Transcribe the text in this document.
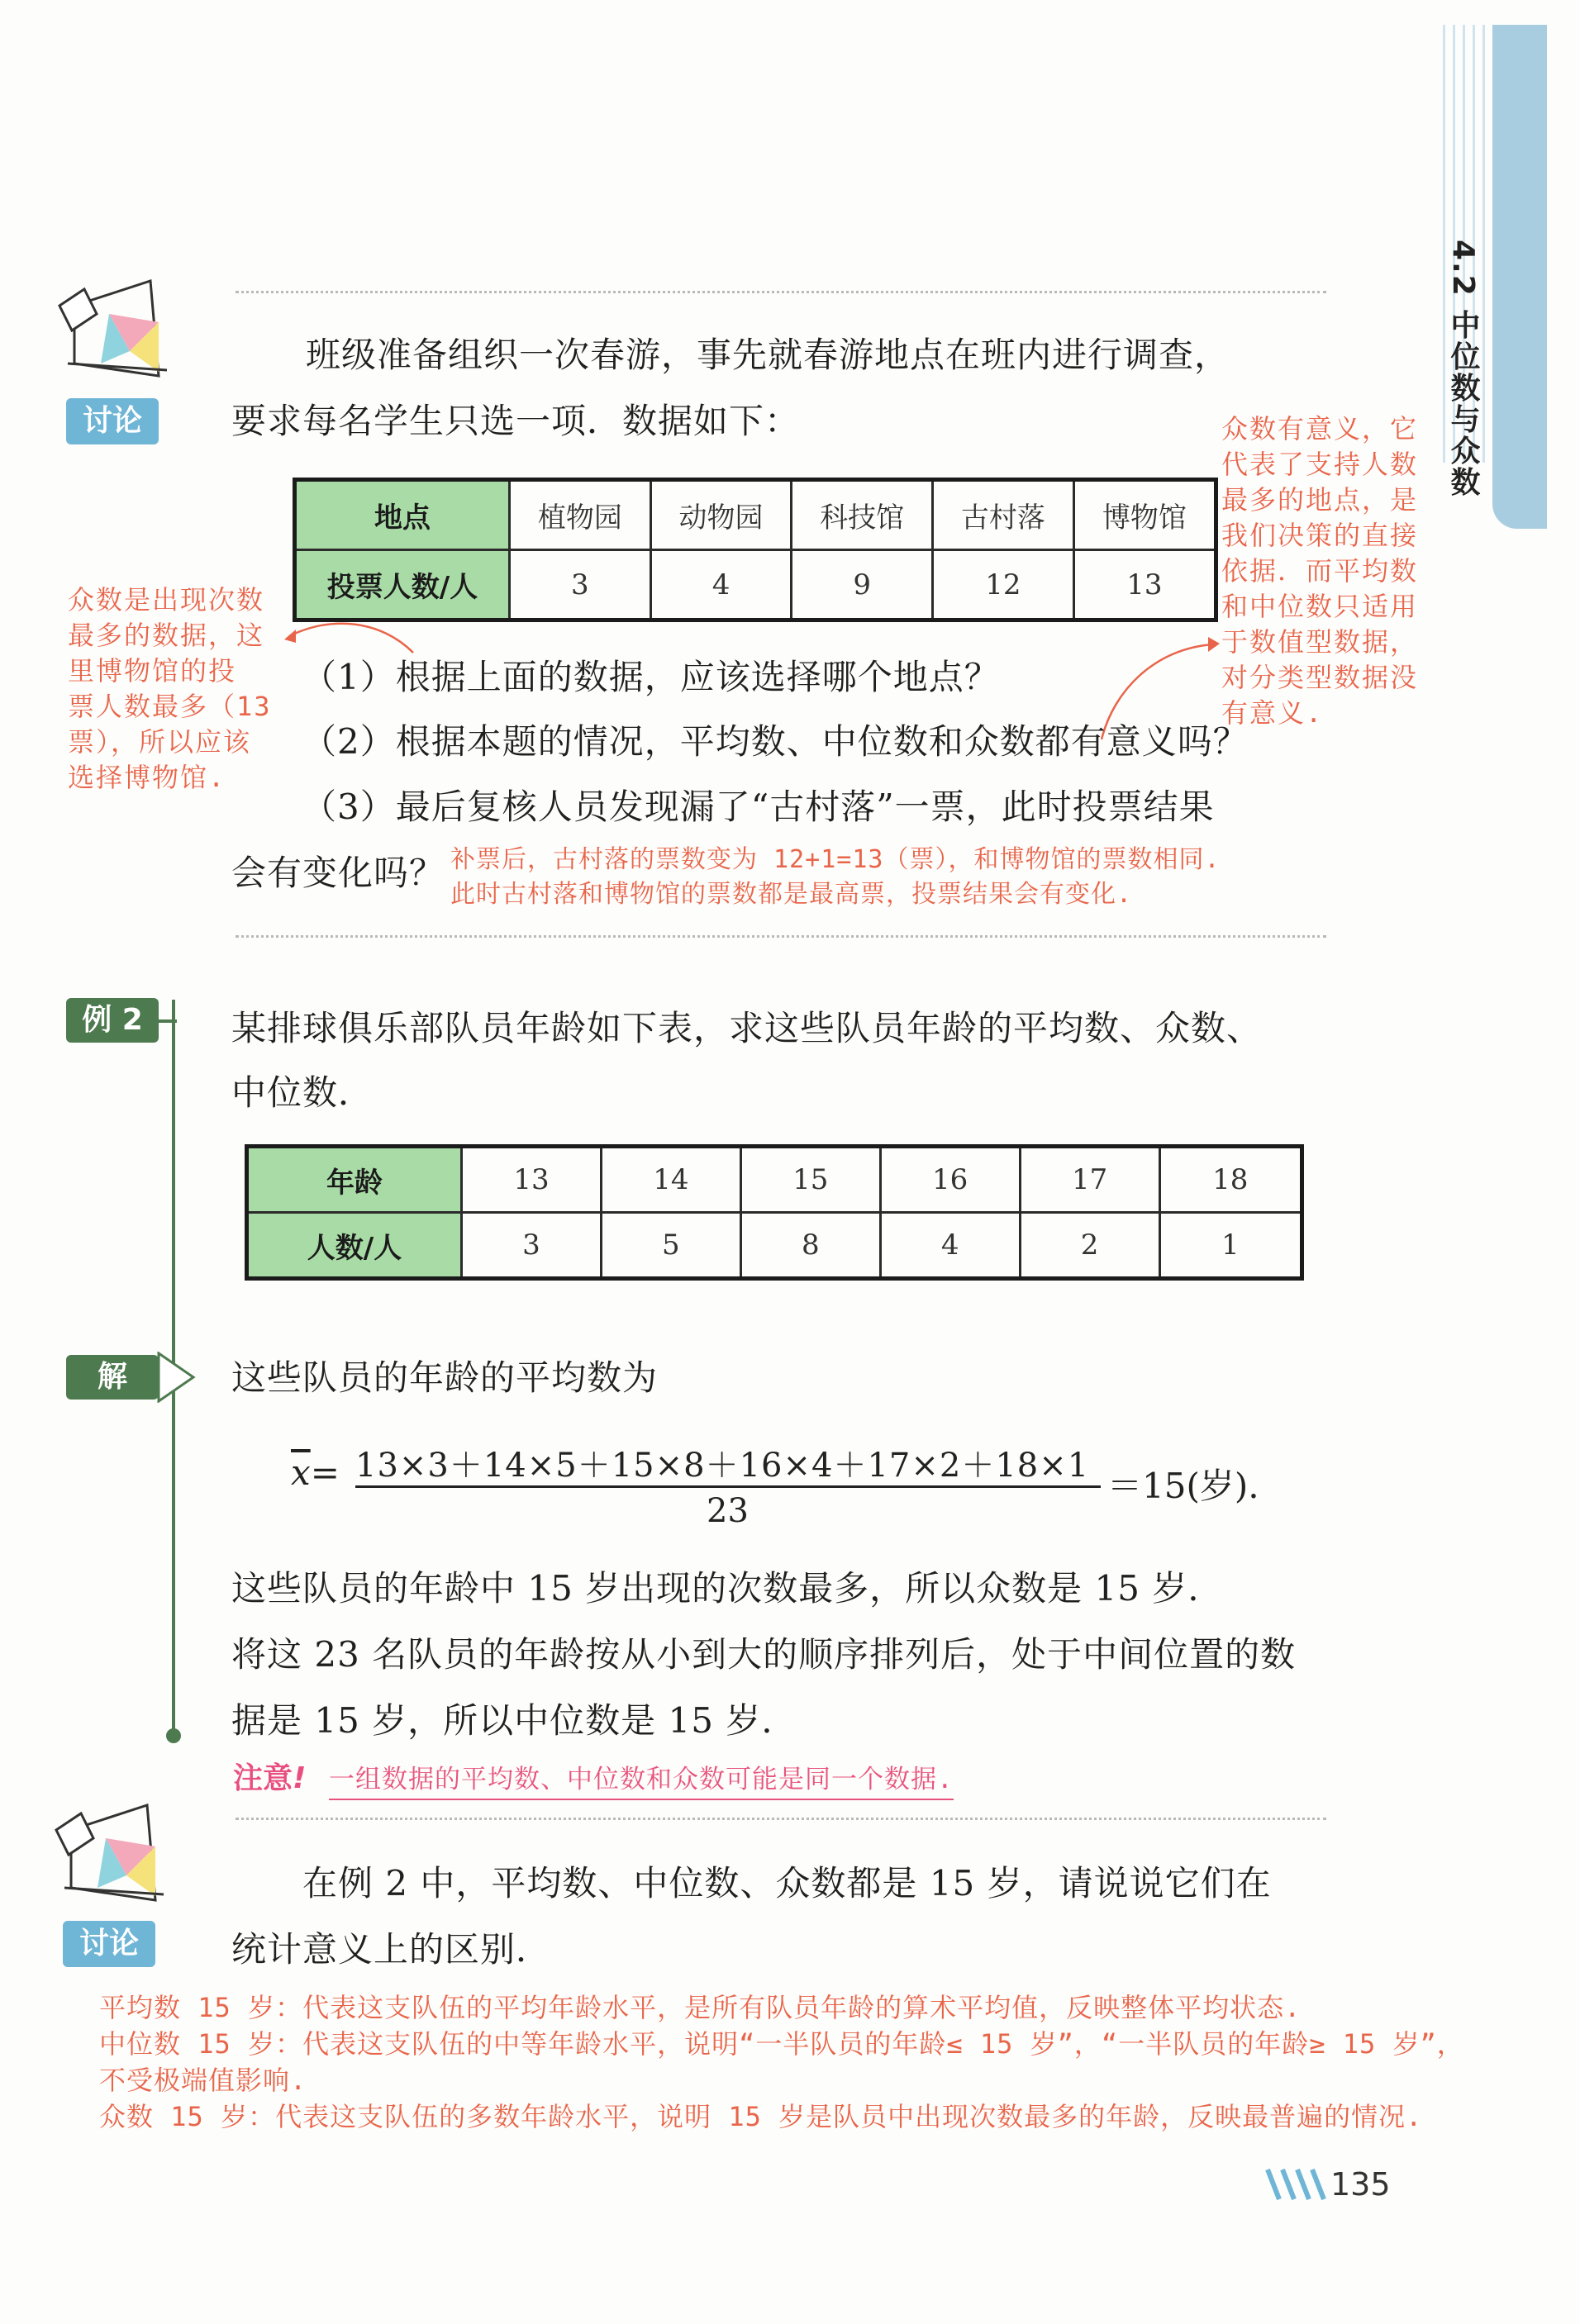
4.2 中位数与众数
讨论
班级准备组织一次春游，事先就春游地点在班内进行调查，
要求每名学生只选一项．数据如下：
地点	植物园	动物园	科技馆	古村落	博物馆
投票人数/人	3	4	9	12	13
众数是出现次数
最多的数据，这
里博物馆的投
票人数最多（13
票），所以应该
选择博物馆.
众数有意义，它
代表了支持人数
最多的地点，是
我们决策的直接
依据．而平均数
和中位数只适用
于数值型数据，
对分类型数据没
有意义.
（1）根据上面的数据，应该选择哪个地点？
（2）根据本题的情况，平均数、中位数和众数都有意义吗？
（3）最后复核人员发现漏了“古村落”一票，此时投票结果
会有变化吗？ 补票后，古村落的票数变为 12+1=13（票），和博物馆的票数相同.
此时古村落和博物馆的票数都是最高票，投票结果会有变化.
例 2	某排球俱乐部队员年龄如下表，求这些队员年龄的平均数、众数、
中位数．
年龄	13	14	15	16	17	18
人数/人	3	5	8	4	2	1
解	这些队员的年龄的平均数为
$\overline{x}= 13\times 3+14\times 5+15\times 8+16\times 4+17\times 2+18\times 1$
23
＝15(岁).
这些队员的年龄中 15 岁出现的次数最多，所以众数是 15 岁.
将这 23 名队员的年龄按从小到大的顺序排列后，处于中间位置的数
据是 15 岁，所以中位数是 15 岁.
注意! 一组数据的平均数、中位数和众数可能是同一个数据.
讨论
在例 2 中，平均数、中位数、众数都是 15 岁，请说说它们在
统计意义上的区别．
平均数 15 岁：代表这支队伍的平均年龄水平，是所有队员年龄的算术平均值，反映整体平均状态.
中位数 15 岁：代表这支队伍的中等年龄水平，说明“一半队员的年龄≤ 15 岁”，“一半队员的年龄≥ 15 岁”，
不受极端值影响.
众数 15 岁：代表这支队伍的多数年龄水平，说明 15 岁是队员中出现次数最多的年龄，反映最普遍的情况.
135
